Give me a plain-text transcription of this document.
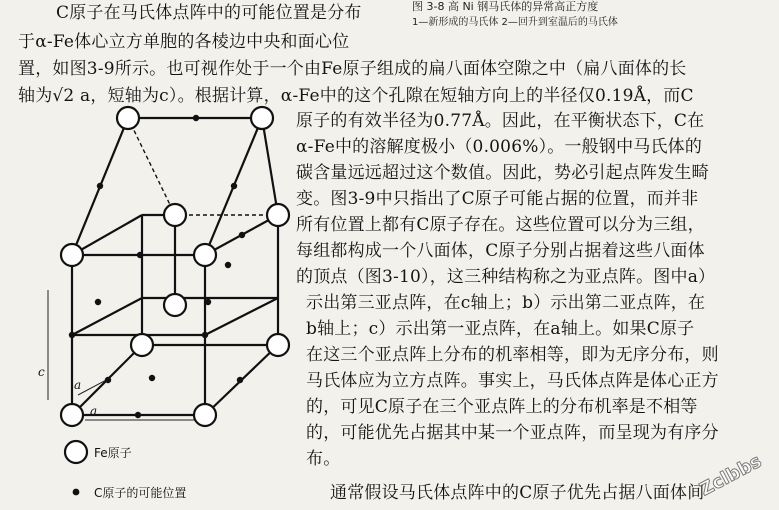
图 3-8 高 Ni 钢马氏体的异常高正方度
1—新形成的马氏体 2—回升到室温后的马氏体
C原子在马氏体点阵中的可能位置是分布
于α-Fe体心立方单胞的各棱边中央和面心位
置，如图3-9所示。也可视作处于一个由Fe原子组成的扁八面体空隙之中（扁八面体的长
轴为√2 a，短轴为c）。根据计算，α-Fe中的这个孔隙在短轴方向上的半径仅0.19Å，而C
原子的有效半径为0.77Å。因此，在平衡状态下，C在
α-Fe中的溶解度极小（0.006%）。一般钢中马氏体的
碳含量远远超过这个数值。因此，势必引起点阵发生畸
变。图3-9中只指出了C原子可能占据的位置，而并非
所有位置上都有C原子存在。这些位置可以分为三组，
每组都构成一个八面体，C原子分别占据着这些八面体
的顶点（图3-10），这三种结构称之为亚点阵。图中a）
示出第三亚点阵，在c轴上；b）示出第二亚点阵，在
b轴上；c）示出第一亚点阵，在a轴上。如果C原子
在这三个亚点阵上分布的机率相等，即为无序分布，则
马氏体应为立方点阵。事实上，马氏体点阵是体心正方
的，可见C原子在三个亚点阵上的分布机率是不相等
的，可能优先占据其中某一个亚点阵，而呈现为有序分
布。
通常假设马氏体点阵中的C原子优先占据八面体间
c
a
a
Fe原子
C原子的可能位置	Zclbbs
